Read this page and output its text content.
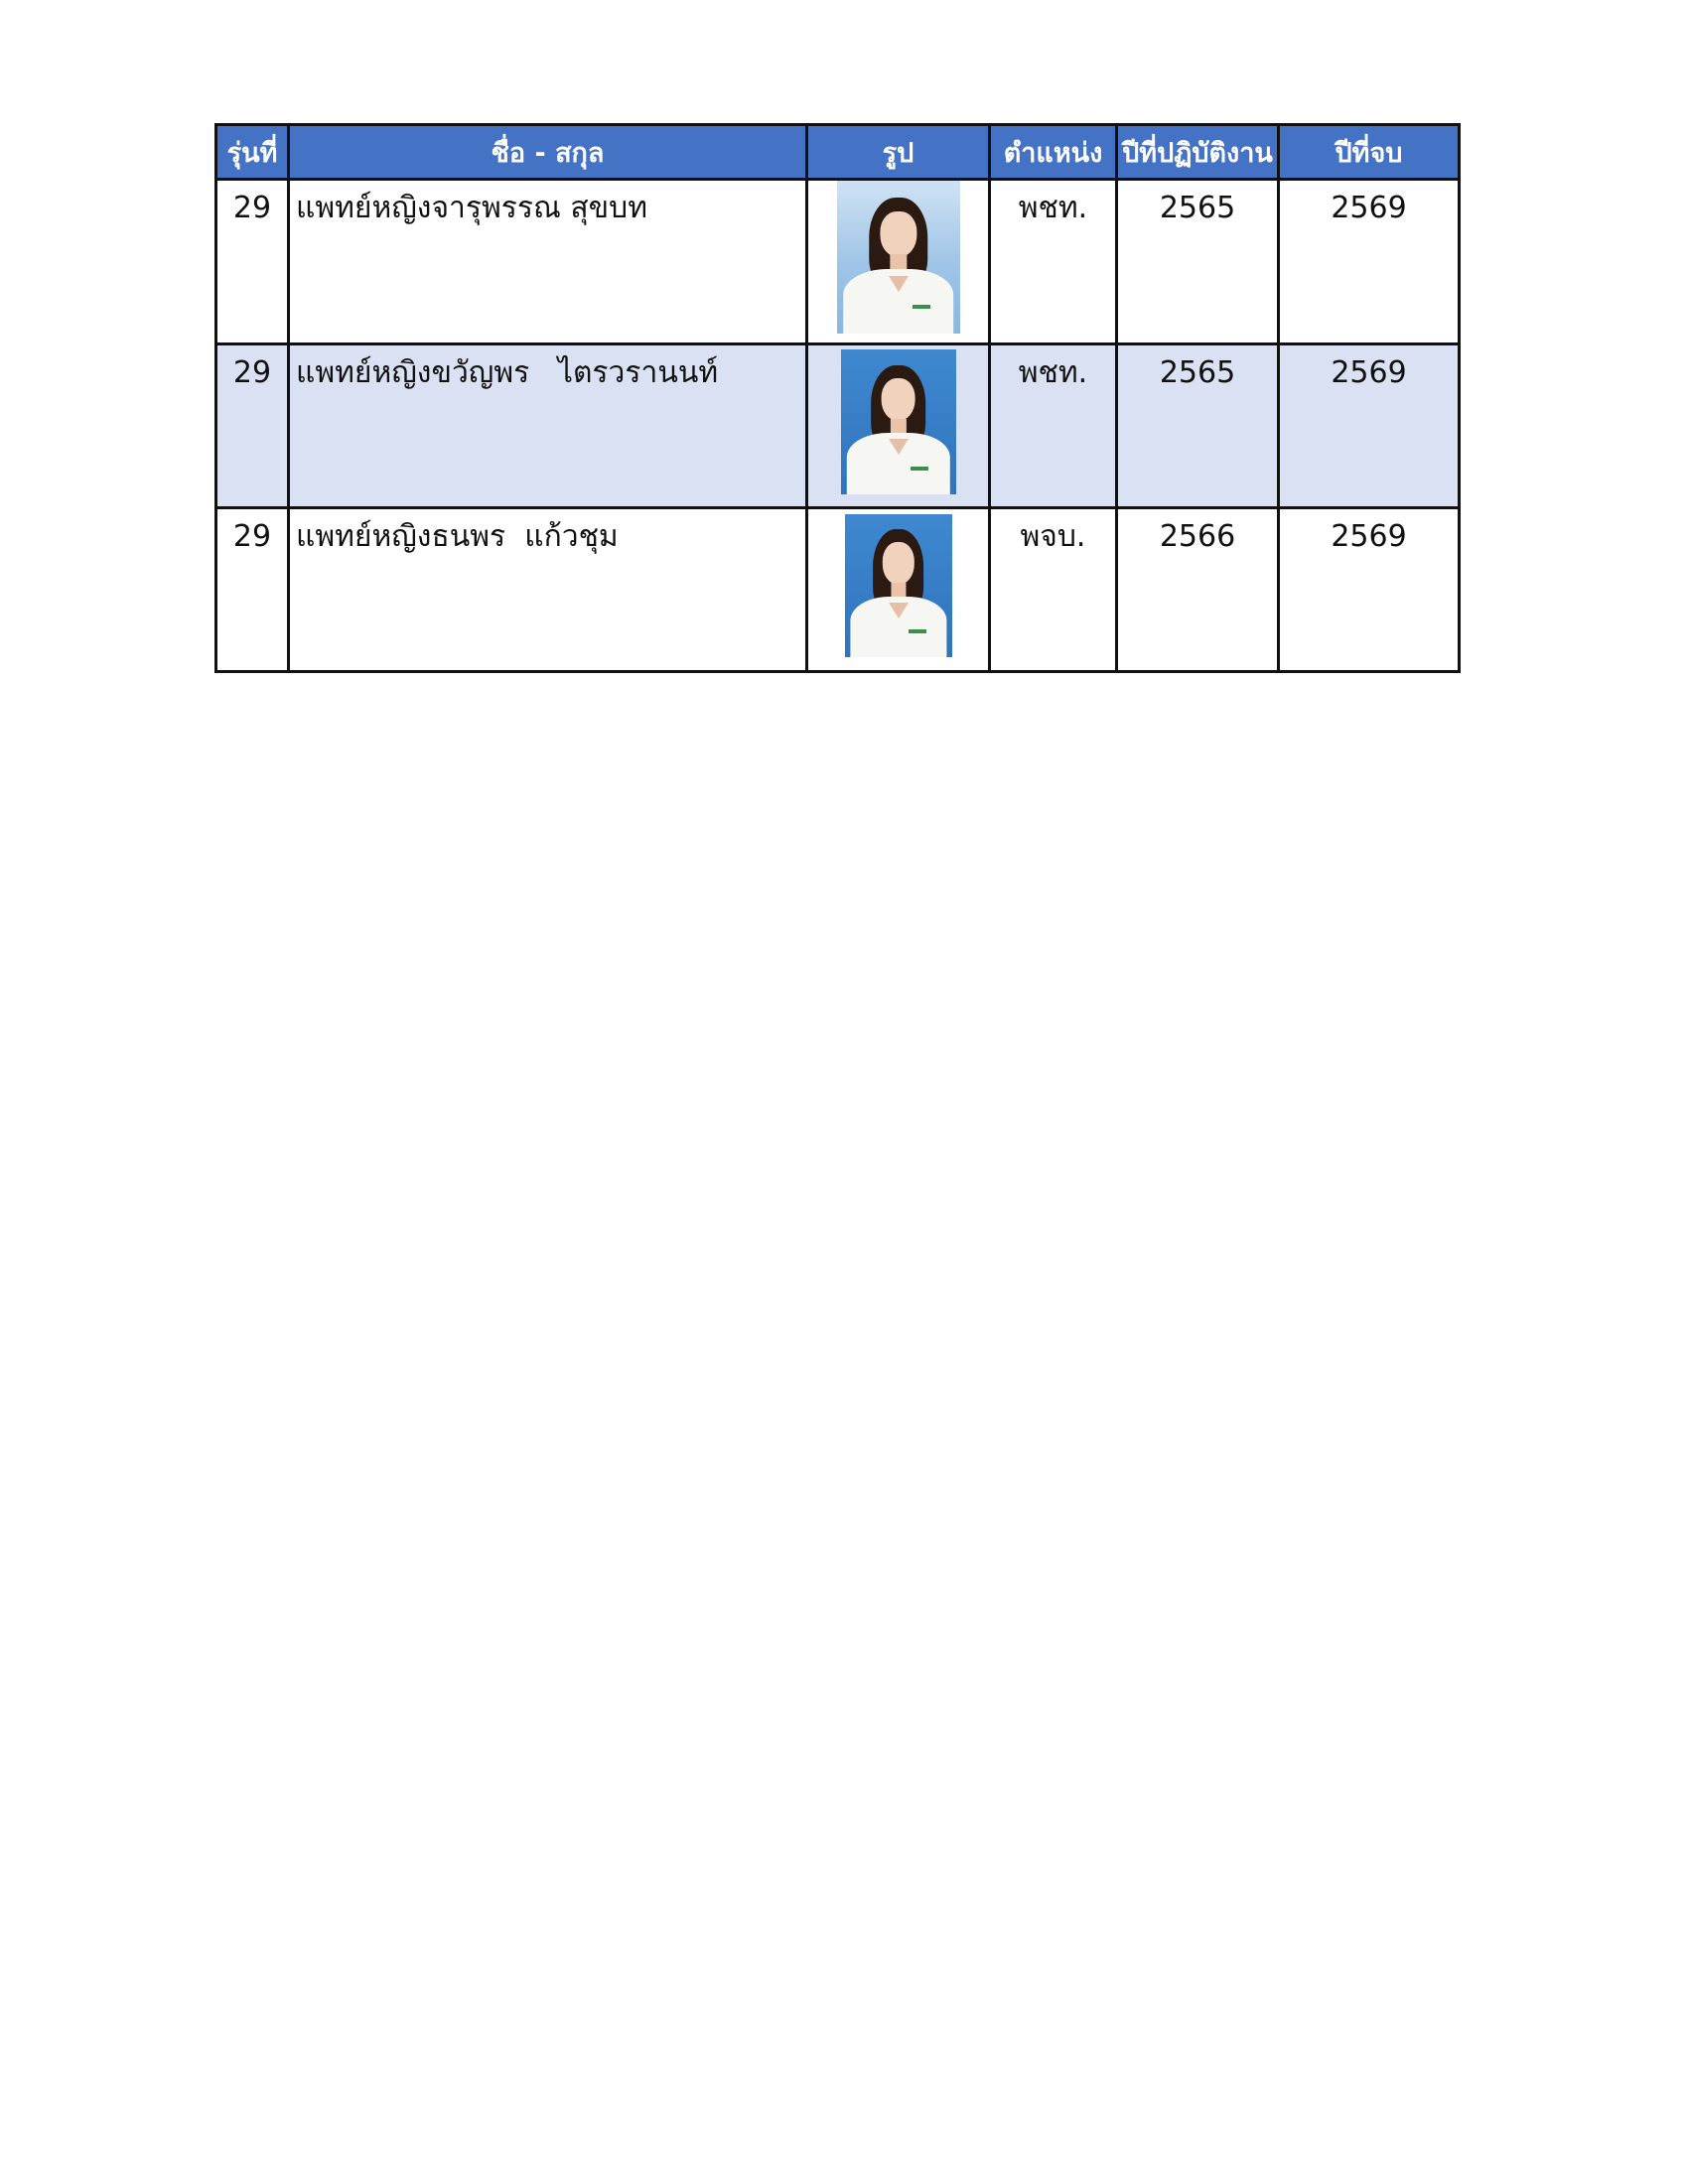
รุ่นที่	ชื่อ - สกุล	รูป	ตำแหน่ง	ปีที่ปฏิบัติงาน	ปีที่จบ
29	แพทย์หญิงจารุพรรณ สุขบท		พชท.	2565	2569
29	แพทย์หญิงขวัญพร   ไตรวรานนท์		พชท.	2565	2569
29	แพทย์หญิงธนพร  แก้วชุม		พจบ.	2566	2569
